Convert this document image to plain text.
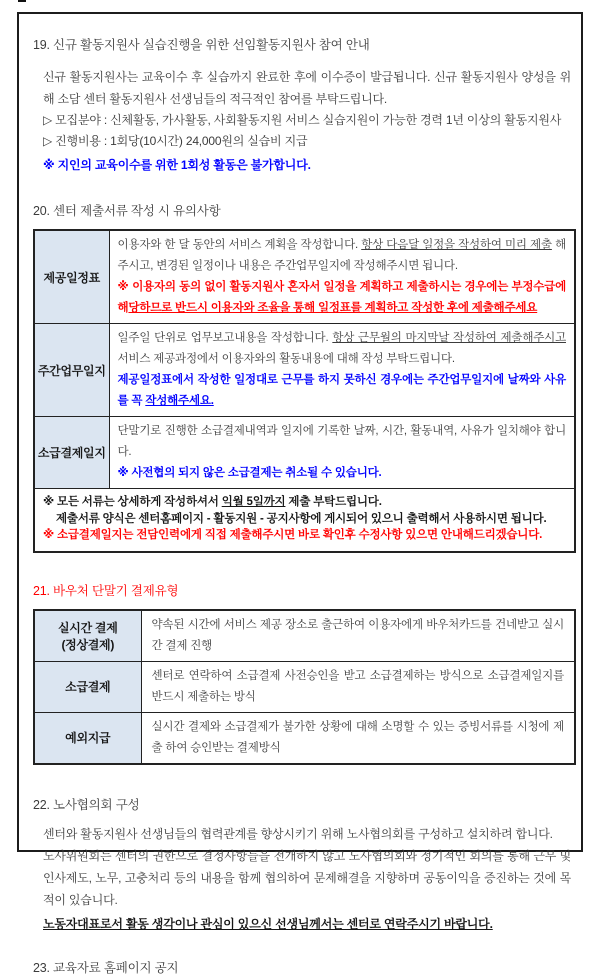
19. 신규 활동지원사 실습진행을 위한 선임활동지원사 참여 안내

신규 활동지원사는 교육이수 후 실습까지 완료한 후에 이수증이 발급됩니다. 신규 활동지원사 양성을 위해 소담 센터 활동지원사 선생님들의 적극적인 참여를 부탁드립니다.

▷ 모집분야 : 신체활동, 가사활동, 사회활동지원 서비스 실습지원이 가능한 경력 1년 이상의 활동지원사

▷ 진행비용 : 1회당(10시간) 24,000원의 실습비 지급

※ 지인의 교육이수를 위한 1회성 활동은 불가합니다.

20. 센터 제출서류 작성 시 유의사항
제공일정표	이용자와 한 달 동안의 서비스 계획을 작성합니다. 항상 다음달 일정을 작성하여 미리 제출 해주시고, 변경된 일정이나 내용은 주간업무일지에 작성해주시면 됩니다.

※ 이용자의 동의 없이 활동지원사 혼자서 일정을 계획하고 제출하시는 경우에는 부정수급에 해당하므로 반드시 이용자와 조율을 통해 일정표를 계획하고 작성한 후에 제출해주세요

주간업무일지	일주일 단위로 업무보고내용을 작성합니다. 항상 근무월의 마지막날 작성하여 제출해주시고 서비스 제공과정에서 이용자와의 활동내용에 대해 작성 부탁드립니다.

제공일정표에서 작성한 일정대로 근무를 하지 못하신 경우에는 주간업무일지에 날짜와 사유를 꼭 작성해주세요.

소급결제일지	단말기로 진행한 소급결제내역과 일지에 기록한 날짜, 시간, 활동내역, 사유가 일치해야 합니다.

※ 사전협의 되지 않은 소급결제는 취소될 수 있습니다.

※ 모든 서류는 상세하게 작성하셔서 익월 5일까지 제출 부탁드립니다.

제출서류 양식은 센터홈페이지 - 활동지원 - 공지사항에 게시되어 있으니 출력해서 사용하시면 됩니다.

※ 소급결제일지는 전담인력에게 직접 제출해주시면 바로 확인후 수정사항 있으면 안내해드리겠습니다.	

21. 바우처 단말기 결제유형
실시간 결제
(정상결제)	약속된 시간에 서비스 제공 장소로 출근하여 이용자에게 바우처카드를 건네받고 실시간 결제 진행

소급결제	센터로 연락하여 소급결제 사전승인을 받고 소급결제하는 방식으로 소급결제일지를 반드시 제출하는 방식

예외지급	실시간 결제와 소급결제가 불가한 상황에 대해 소명할 수 있는 증빙서류를 시청에 제출 하여 승인받는 결제방식

22. 노사협의회 구성

센터와 활동지원사 선생님들의 협력관계를 향상시키기 위해 노사협의회를 구성하고 설치하려 합니다.

노사위원회는 센터의 권한으로 결정사항들을 전개하지 않고 노사협의회와 정기적인 회의를 통해 근무 및 인사제도, 노무, 고충처리 등의 내용을 함께 협의하여 문제해결을 지향하며 공동이익을 증진하는 것에 목적이 있습니다.

노동자대표로서 활동 생각이나 관심이 있으신 선생님께서는 센터로 연락주시기 바랍니다.

23. 교육자료 홈페이지 공지
